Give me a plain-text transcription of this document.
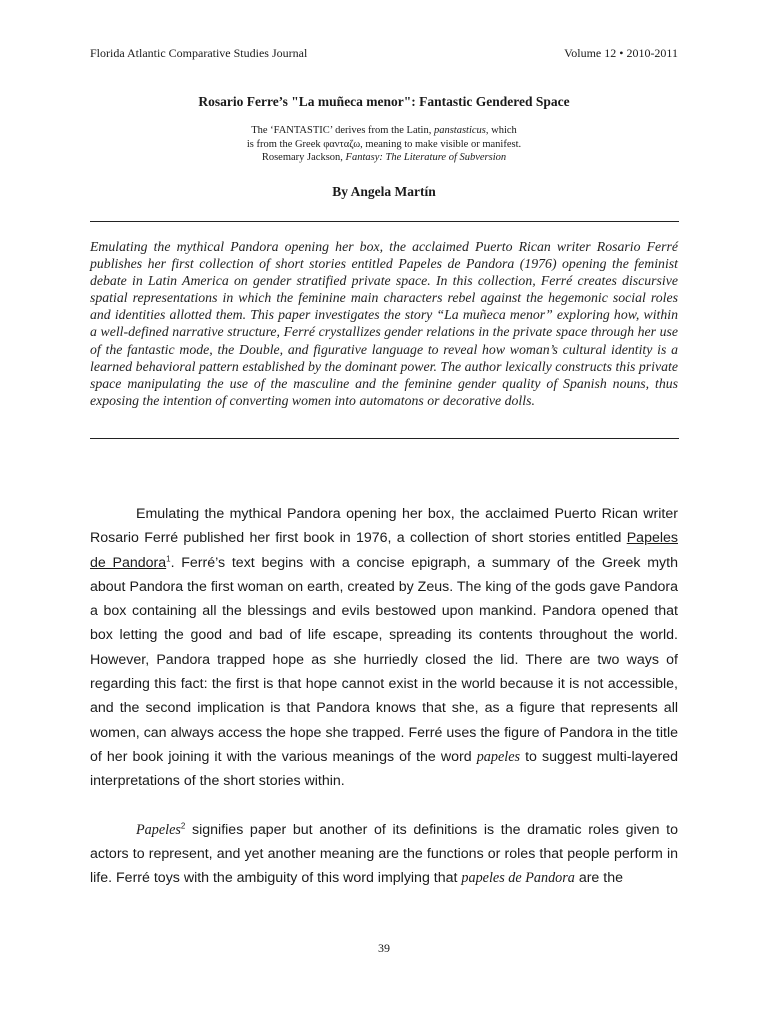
Florida Atlantic Comparative Studies Journal	Volume 12 • 2010-2011
Rosario Ferre’s "La muñeca menor": Fantastic Gendered Space
The ‘FANTASTIC’ derives from the Latin, panstasticus, which
is from the Greek φανταζω, meaning to make visible or manifest.
Rosemary Jackson, Fantasy: The Literature of Subversion
By Angela Martín
Emulating the mythical Pandora opening her box, the acclaimed Puerto Rican writer Rosario Ferré publishes her first collection of short stories entitled Papeles de Pandora (1976) opening the feminist debate in Latin America on gender stratified private space. In this collection, Ferré creates discursive spatial representations in which the feminine main characters rebel against the hegemonic social roles and identities allotted them. This paper investigates the story “La muñeca menor” exploring how, within a well-defined narrative structure, Ferré crystallizes gender relations in the private space through her use of the fantastic mode, the Double, and figurative language to reveal how woman’s cultural identity is a learned behavioral pattern established by the dominant power. The author lexically constructs this private space manipulating the use of the masculine and the feminine gender quality of Spanish nouns, thus exposing the intention of converting women into automatons or decorative dolls.

Emulating the mythical Pandora opening her box, the acclaimed Puerto Rican writer Rosario Ferré published her first book in 1976, a collection of short stories entitled Papeles de Pandora$^1$. Ferré’s text begins with a concise epigraph, a summary of the Greek myth about Pandora the first woman on earth, created by Zeus. The king of the gods gave Pandora a box containing all the blessings and evils bestowed upon mankind. Pandora opened that box letting the good and bad of life escape, spreading its contents throughout the world. However, Pandora trapped hope as she hurriedly closed the lid. There are two ways of regarding this fact: the first is that hope cannot exist in the world because it is not accessible, and the second implication is that Pandora knows that she, as a figure that represents all women, can always access the hope she trapped. Ferré uses the figure of Pandora in the title of her book joining it with the various meanings of the word papeles to suggest multi-layered interpretations of the short stories within.

Papeles$^2$ signifies paper but another of its definitions is the dramatic roles given to actors to represent, and yet another meaning are the functions or roles that people perform in life. Ferré toys with the ambiguity of this word implying that papeles de Pandora are the

39
